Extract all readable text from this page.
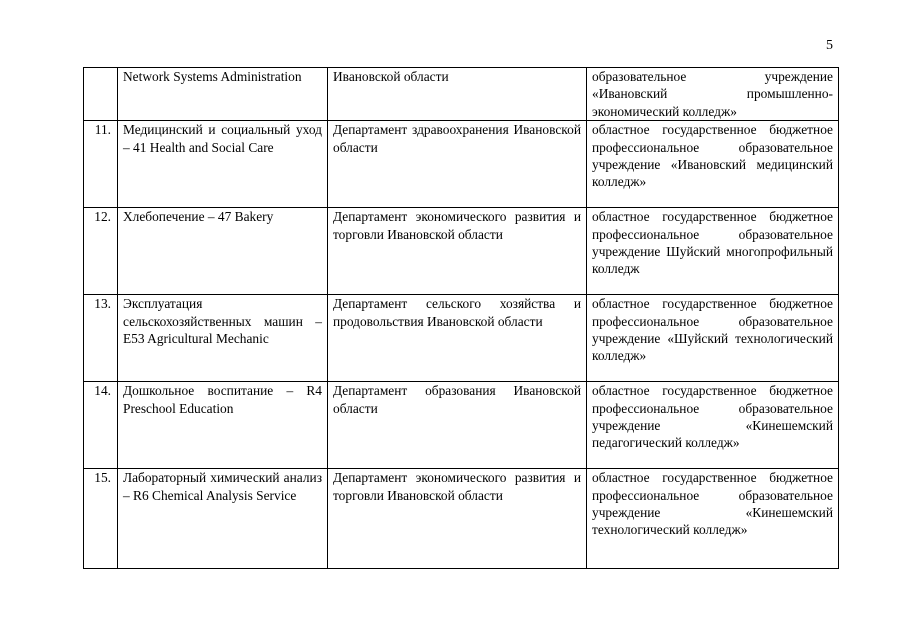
5
	Network Systems Administration	Ивановской области	образовательное учреждение «Ивановский промышленно-экономический колледж»
11.	Медицинский и социальный уход – 41 Health and Social Care	Департамент здравоохранения Ивановской области	областное государственное бюджетное профессиональное образовательное учреждение «Ивановский медицинский колледж»
12.	Хлебопечение – 47 Bakery	Департамент экономического развития и торговли Ивановской области	областное государственное бюджетное профессиональное образовательное учреждение Шуйский многопрофильный колледж
13.	Эксплуатация сельскохозяйственных машин – E53 Agricultural Mechanic	Департамент сельского хозяйства и продовольствия Ивановской области	областное государственное бюджетное профессиональное образовательное учреждение «Шуйский технологический колледж»
14.	Дошкольное воспитание – R4 Preschool Education	Департамент образования Ивановской области	областное государственное бюджетное профессиональное образовательное учреждение «Кинешемский педагогический колледж»
15.	Лабораторный химический анализ – R6 Chemical Analysis Service	Департамент экономического развития и торговли Ивановской области	областное государственное бюджетное профессиональное образовательное учреждение «Кинешемский технологический колледж»
